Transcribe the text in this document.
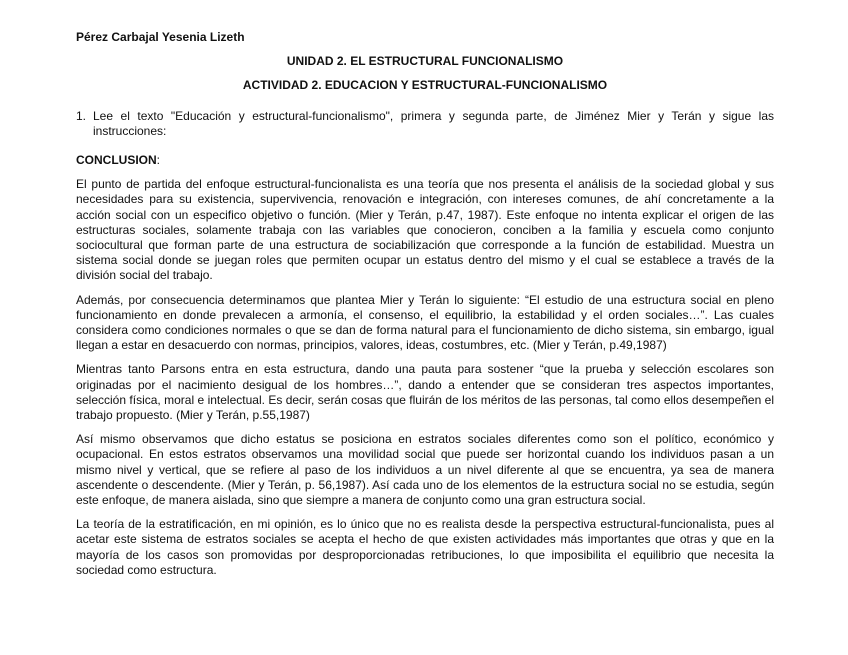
Pérez Carbajal Yesenia Lizeth
UNIDAD 2. EL ESTRUCTURAL FUNCIONALISMO
ACTIVIDAD 2. EDUCACION Y ESTRUCTURAL-FUNCIONALISMO
1. Lee el texto "Educación y estructural-funcionalismo", primera y segunda parte, de Jiménez Mier y Terán y sigue las instrucciones:
CONCLUSION:

El punto de partida del enfoque estructural-funcionalista es una teoría que nos presenta el análisis de la sociedad global y sus necesidades para su existencia, supervivencia, renovación e integración, con intereses comunes, de ahí concretamente a la acción social con un especifico objetivo o función. (Mier y Terán, p.47, 1987). Este enfoque no intenta explicar el origen de las estructuras sociales, solamente trabaja con las variables que conocieron, conciben a la familia y escuela como conjunto sociocultural que forman parte de una estructura de sociabilización que corresponde a la función de estabilidad. Muestra un sistema social donde se juegan roles que permiten ocupar un estatus dentro del mismo y el cual se establece a través de la división social del trabajo.

Además, por consecuencia determinamos que plantea Mier y Terán lo siguiente: “El estudio de una estructura social en pleno funcionamiento en donde prevalecen a armonía, el consenso, el equilibrio, la estabilidad y el orden sociales…”. Las cuales considera como condiciones normales o que se dan de forma natural para el funcionamiento de dicho sistema, sin embargo, igual llegan a estar en desacuerdo con normas, principios, valores, ideas, costumbres, etc. (Mier y Terán, p.49,1987)

Mientras tanto Parsons entra en esta estructura, dando una pauta para sostener “que la prueba y selección escolares son originadas por el nacimiento desigual de los hombres…”, dando a entender que se consideran tres aspectos importantes, selección física, moral e intelectual. Es decir, serán cosas que fluirán de los méritos de las personas, tal como ellos desempeñen el trabajo propuesto. (Mier y Terán, p.55,1987)

Así mismo observamos que dicho estatus se posiciona en estratos sociales diferentes como son el político, económico y ocupacional. En estos estratos observamos una movilidad social que puede ser horizontal cuando los individuos pasan a un mismo nivel y vertical, que se refiere al paso de los individuos a un nivel diferente al que se encuentra, ya sea de manera ascendente o descendente. (Mier y Terán, p. 56,1987). Así cada uno de los elementos de la estructura social no se estudia, según este enfoque, de manera aislada, sino que siempre a manera de conjunto como una gran estructura social.

La teoría de la estratificación, en mi opinión, es lo único que no es realista desde la perspectiva estructural-funcionalista, pues al acetar este sistema de estratos sociales se acepta el hecho de que existen actividades más importantes que otras y que en la mayoría de los casos son promovidas por desproporcionadas retribuciones, lo que imposibilita el equilibrio que necesita la sociedad como estructura.
